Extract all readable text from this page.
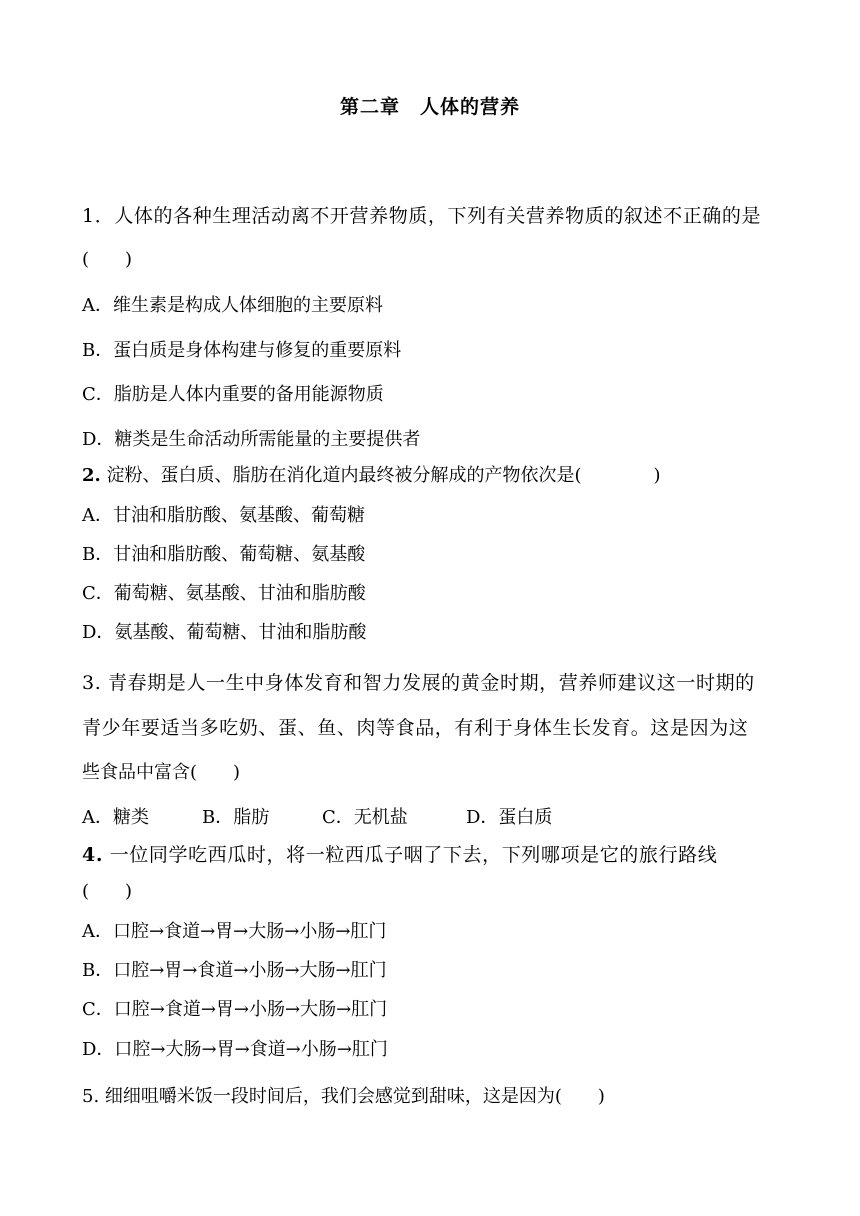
第二章　人体的营养
1．人体的各种生理活动离不开营养物质，下列有关营养物质的叙述不正确的是
(　　)
A．维生素是构成人体细胞的主要原料
B．蛋白质是身体构建与修复的重要原料
C．脂肪是人体内重要的备用能源物质
D．糖类是生命活动所需能量的主要提供者
2. 淀粉、蛋白质、脂肪在消化道内最终被分解成的产物依次是(　　　　)
A．甘油和脂肪酸、氨基酸、葡萄糖
B．甘油和脂肪酸、葡萄糖、氨基酸
C．葡萄糖、氨基酸、甘油和脂肪酸
D．氨基酸、葡萄糖、甘油和脂肪酸
3. 青春期是人一生中身体发育和智力发展的黄金时期，营养师建议这一时期的
青少年要适当多吃奶、蛋、鱼、肉等食品，有利于身体生长发育。这是因为这
些食品中富含(　　)
A．糖类	B．脂肪	C．无机盐	D．蛋白质
4. 一位同学吃西瓜时，将一粒西瓜子咽了下去，下列哪项是它的旅行路线
(　　)
A．口腔→食道→胃→大肠→小肠→肛门
B．口腔→胃→食道→小肠→大肠→肛门
C．口腔→食道→胃→小肠→大肠→肛门
D．口腔→大肠→胃→食道→小肠→肛门
5. 细细咀嚼米饭一段时间后，我们会感觉到甜味，这是因为(　　)
